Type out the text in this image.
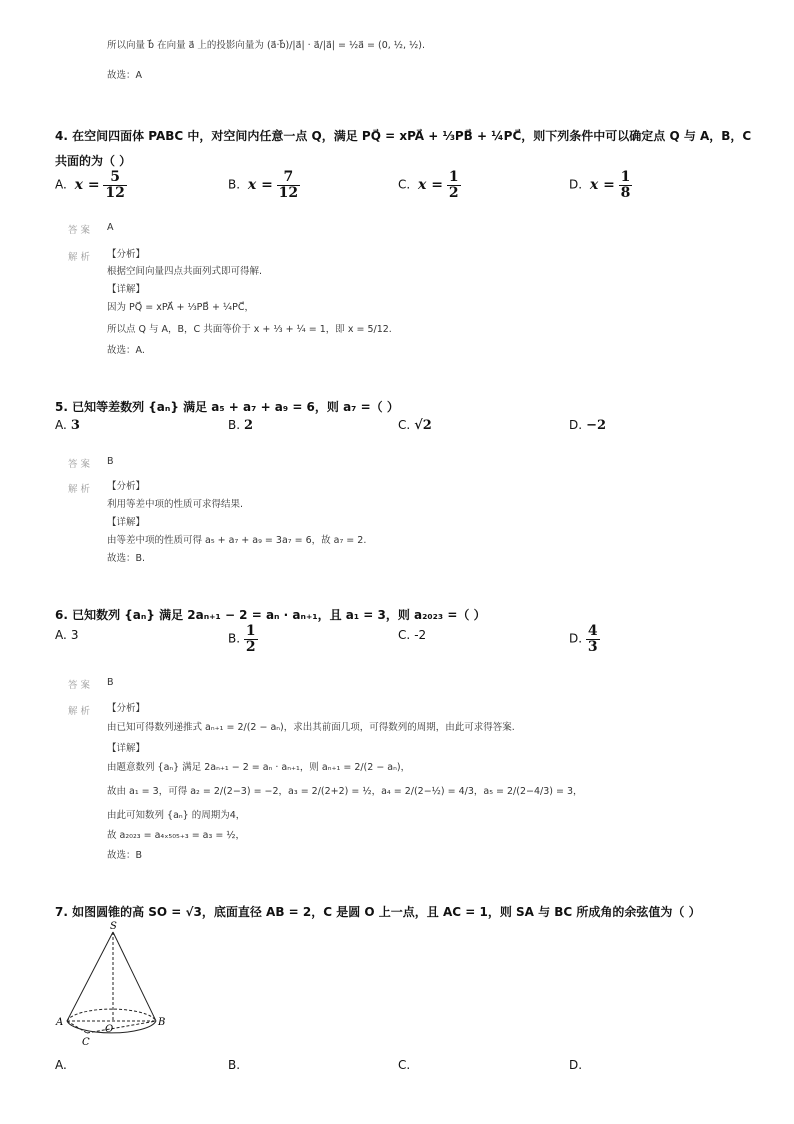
所以向量 b⃗ 在向量 a⃗ 上的投影向量为 (a⃗·b⃗)/|a⃗| · a⃗/|a⃗| = ½a⃗ = (0, ½, ½).
故选：A
4. 在空间四面体 PABC 中，对空间内任意一点 Q，满足 PQ⃗ = xPA⃗ + ⅓PB⃗ + ¼PC⃗，则下列条件中可以确定点 Q 与 A，B，C
共面的为（ ）
A. $x = \frac{5}{12}$	B. $x = \frac{7}{12}$	C. $x = \frac{1}{2}$	D. $x = \frac{1}{8}$
答 案 A
解 析 【分析】
根据空间向量四点共面列式即可得解.
【详解】
因为 PQ⃗ = xPA⃗ + ⅓PB⃗ + ¼PC⃗，
所以点 Q 与 A，B，C 共面等价于 x + ⅓ + ¼ = 1，即 x = 5/12.
故选：A.
5. 已知等差数列 {aₙ} 满足 a₅ + a₇ + a₉ = 6，则 a₇ =（ ）
A. 3	B. 2	C. √2	D. −2
答 案 B
解 析 【分析】
利用等差中项的性质可求得结果.
【详解】
由等差中项的性质可得 a₅ + a₇ + a₉ = 3a₇ = 6，故 a₇ = 2.
故选：B.
6. 已知数列 {aₙ} 满足 2aₙ₊₁ − 2 = aₙ · aₙ₊₁，且 a₁ = 3，则 a₂₀₂₃ =（ ）
A. 3	B. $\frac{1}{2}$	C. -2	D. $\frac{4}{3}$
答 案 B
解 析 【分析】
由已知可得数列递推式 aₙ₊₁ = 2/(2 − aₙ)，求出其前面几项，可得数列的周期，由此可求得答案.
【详解】
由题意数列 {aₙ} 满足 2aₙ₊₁ − 2 = aₙ · aₙ₊₁，则 aₙ₊₁ = 2/(2 − aₙ)，
故由 a₁ = 3，可得 a₂ = 2/(2−3) = −2，a₃ = 2/(2+2) = ½，a₄ = 2/(2−½) = 4/3，a₅ = 2/(2−4/3) = 3，
由此可知数列 {aₙ} 的周期为4，
故 a₂₀₂₃ = a₄ₓ₅₀₅₊₃ = a₃ = ½，
故选：B
7. 如图圆锥的高 SO = √3，底面直径 AB = 2，C 是圆 O 上一点，且 AC = 1，则 SA 与 BC 所成角的余弦值为（ ）
S
A	B
O
C
A.	B.	C.	D.
